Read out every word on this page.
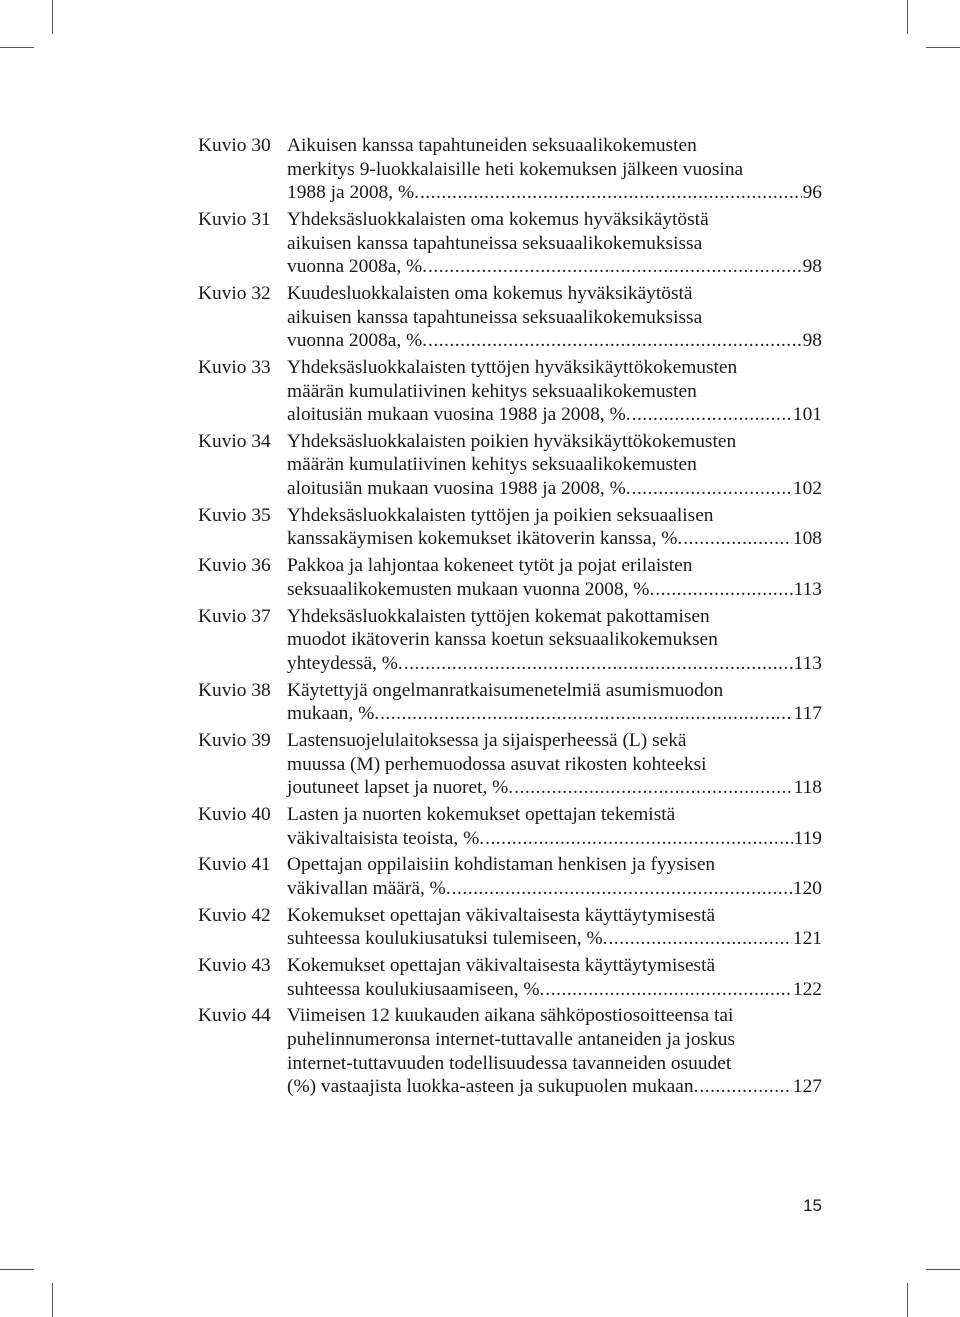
Kuvio 30 Aikuisen kanssa tapahtuneiden seksuaalikokemusten
merkitys 9-luokkalaisille heti kokemuksen jälkeen vuosina
1988 ja 2008, %. .....	96
Kuvio 31 Yhdeksäsluokkalaisten oma kokemus hyväksikäytöstä
aikuisen kanssa tapahtuneissa seksuaalikokemuksissa
vuonna 2008a, %. .....	98
Kuvio 32 Kuudesluokkalaisten oma kokemus hyväksikäytöstä
aikuisen kanssa tapahtuneissa seksuaalikokemuksissa
vuonna 2008a, %. .....	98
Kuvio 33 Yhdeksäsluokkalaisten tyttöjen hyväksikäyttökokemusten
määrän kumulatiivinen kehitys seksuaalikokemusten
aloitusiän mukaan vuosina 1988 ja 2008, %. .....	101
Kuvio 34 Yhdeksäsluokkalaisten poikien hyväksikäyttökokemusten
määrän kumulatiivinen kehitys seksuaalikokemusten
aloitusiän mukaan vuosina 1988 ja 2008, %. .....	102
Kuvio 35 Yhdeksäsluokkalaisten tyttöjen ja poikien seksuaalisen
kanssakäymisen kokemukset ikätoverin kanssa, %. .....	108
Kuvio 36 Pakkoa ja lahjontaa kokeneet tytöt ja pojat erilaisten
seksuaalikokemusten mukaan vuonna 2008, %. .....	113
Kuvio 37 Yhdeksäsluokkalaisten tyttöjen kokemat pakottamisen
muodot ikätoverin kanssa koetun seksuaalikokemuksen
yhteydessä, %. .....	113
Kuvio 38 Käytettyjä ongelmanratkaisumenetelmiä asumismuodon
mukaan, %. .....	117
Kuvio 39 Lastensuojelulaitoksessa ja sijaisperheessä (L) sekä
muussa (M) perhemuodossa asuvat rikosten kohteeksi
joutuneet lapset ja nuoret, %. .....	118
Kuvio 40 Lasten ja nuorten kokemukset opettajan tekemistä
väkivaltaisista teoista, %. .....	119
Kuvio 41 Opettajan oppilaisiin kohdistaman henkisen ja fyysisen
väkivallan määrä, %. .....	120
Kuvio 42 Kokemukset opettajan väkivaltaisesta käyttäytymisestä
suhteessa koulukiusatuksi tulemiseen, %. .....	121
Kuvio 43 Kokemukset opettajan väkivaltaisesta käyttäytymisestä
suhteessa koulukiusaamiseen, %. .....	122
Kuvio 44 Viimeisen 12 kuukauden aikana sähköpostiosoitteensa tai
puhelinnumeronsa internet-tuttavalle antaneiden ja joskus
internet-tuttavuuden todellisuudessa tavanneiden osuudet
(%) vastaajista luokka-asteen ja sukupuolen mukaan. .....	127
15
